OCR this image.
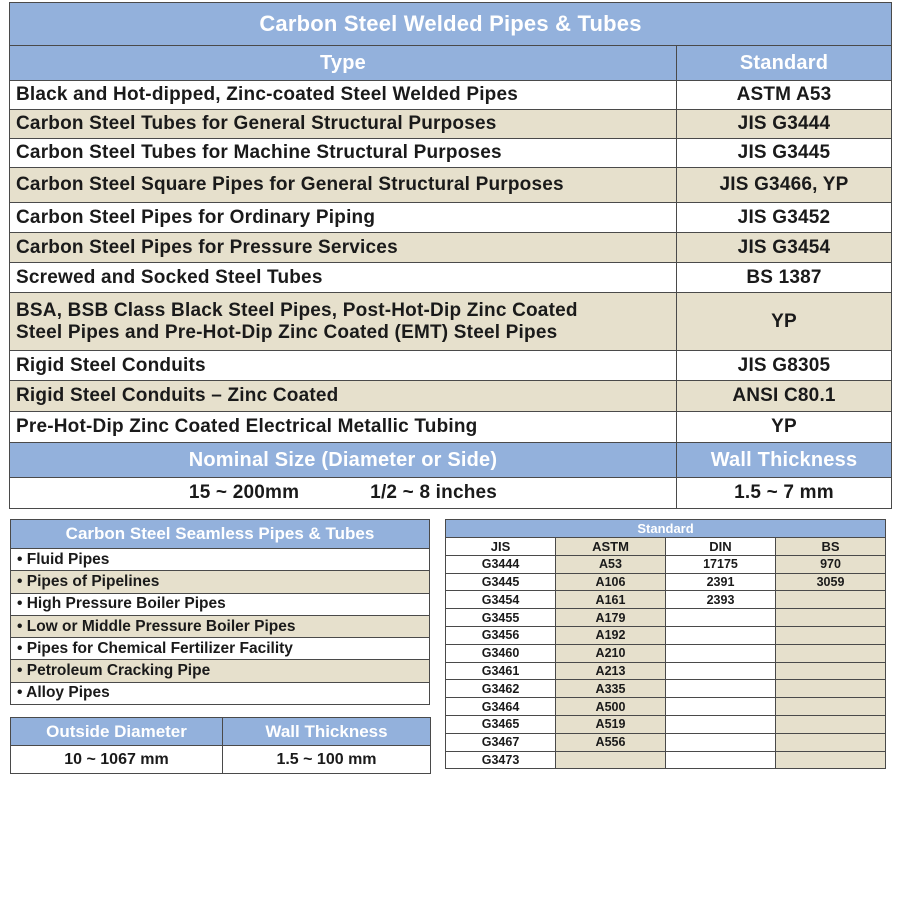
Carbon Steel Welded Pipes & Tubes	
Type	Standard
Black and Hot-dipped, Zinc-coated Steel Welded Pipes	ASTM A53
Carbon Steel Tubes for General Structural Purposes	JIS G3444
Carbon Steel Tubes for Machine Structural Purposes	JIS G3445
Carbon Steel Square Pipes for General Structural Purposes	JIS G3466, YP
Carbon Steel Pipes for Ordinary Piping	JIS G3452
Carbon Steel Pipes for Pressure Services	JIS G3454
Screwed and Socked Steel Tubes	BS 1387

BSA, BSB Class Black Steel Pipes, Post-Hot-Dip Zinc Coated
Steel Pipes and Pre-Hot-Dip Zinc Coated (EMT) Steel Pipes	YP
Rigid Steel Conduits	JIS G8305
Rigid Steel Conduits – Zinc Coated	ANSI C80.1
Pre-Hot-Dip Zinc Coated Electrical Metallic Tubing	YP
Nominal Size (Diameter or Side)	Wall Thickness
15 ~ 200mm 1/2 ~ 8 inches	1.5 ~ 7 mm
Carbon Steel Seamless Pipes & Tubes
• Fluid Pipes
• Pipes of Pipelines
• High Pressure Boiler Pipes
• Low or Middle Pressure Boiler Pipes
• Pipes for Chemical Fertilizer Facility
• Petroleum Cracking Pipe
• Alloy Pipes
Outside Diameter	Wall Thickness
10 ~ 1067 mm	1.5 ~ 100 mm
Standard			
JIS	ASTM	DIN	BS
G3444	A53	17175	970
G3445	A106	2391	3059
G3454	A161	2393	
G3455	A179		
G3456	A192		
G3460	A210		
G3461	A213		
G3462	A335		
G3464	A500		
G3465	A519		
G3467	A556		
G3473			
